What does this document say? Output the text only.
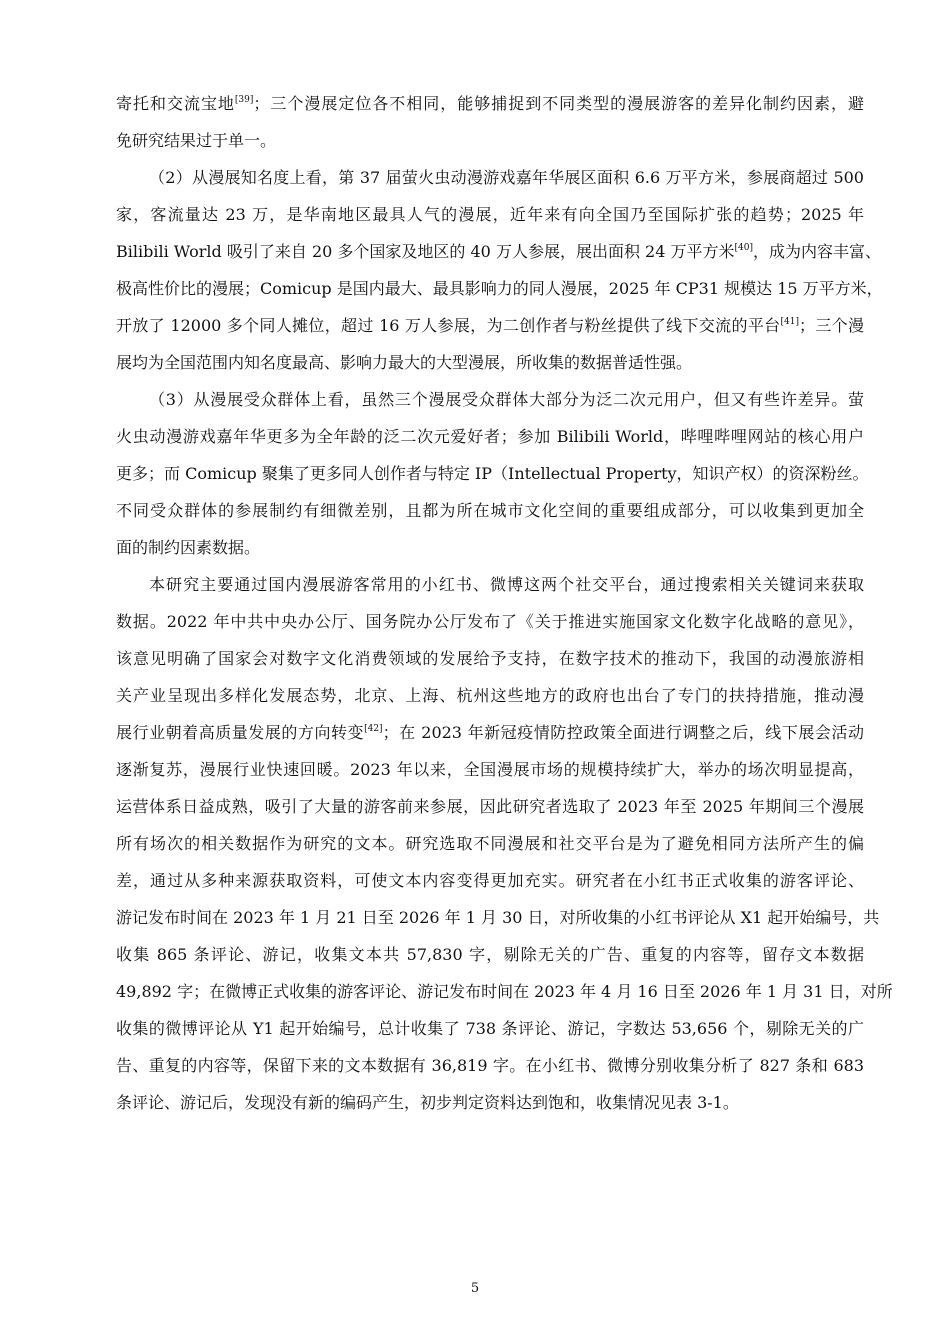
寄托和交流宝地[39]；三个漫展定位各不相同，能够捕捉到不同类型的漫展游客的差异化制约因素，避
免研究结果过于单一。
（2）从漫展知名度上看，第 37 届萤火虫动漫游戏嘉年华展区面积 6.6 万平方米，参展商超过 500
家，客流量达 23 万，是华南地区最具人气的漫展，近年来有向全国乃至国际扩张的趋势；2025 年
Bilibili World 吸引了来自 20 多个国家及地区的 40 万人参展，展出面积 24 万平方米[40]，成为内容丰富、
极高性价比的漫展；Comicup 是国内最大、最具影响力的同人漫展，2025 年 CP31 规模达 15 万平方米，
开放了 12000 多个同人摊位，超过 16 万人参展，为二创作者与粉丝提供了线下交流的平台[41]；三个漫
展均为全国范围内知名度最高、影响力最大的大型漫展，所收集的数据普适性强。
（3）从漫展受众群体上看，虽然三个漫展受众群体大部分为泛二次元用户，但又有些许差异。萤
火虫动漫游戏嘉年华更多为全年龄的泛二次元爱好者；参加 Bilibili World，哔哩哔哩网站的核心用户
更多；而 Comicup 聚集了更多同人创作者与特定 IP（Intellectual Property，知识产权）的资深粉丝。
不同受众群体的参展制约有细微差别，且都为所在城市文化空间的重要组成部分，可以收集到更加全
面的制约因素数据。
本研究主要通过国内漫展游客常用的小红书、微博这两个社交平台，通过搜索相关关键词来获取
数据。2022 年中共中央办公厅、国务院办公厅发布了《关于推进实施国家文化数字化战略的意见》，
该意见明确了国家会对数字文化消费领域的发展给予支持，在数字技术的推动下，我国的动漫旅游相
关产业呈现出多样化发展态势，北京、上海、杭州这些地方的政府也出台了专门的扶持措施，推动漫
展行业朝着高质量发展的方向转变[42]；在 2023 年新冠疫情防控政策全面进行调整之后，线下展会活动
逐渐复苏，漫展行业快速回暖。2023 年以来，全国漫展市场的规模持续扩大，举办的场次明显提高，
运营体系日益成熟，吸引了大量的游客前来参展，因此研究者选取了 2023 年至 2025 年期间三个漫展
所有场次的相关数据作为研究的文本。研究选取不同漫展和社交平台是为了避免相同方法所产生的偏
差，通过从多种来源获取资料，可使文本内容变得更加充实。研究者在小红书正式收集的游客评论、
游记发布时间在 2023 年 1 月 21 日至 2026 年 1 月 30 日，对所收集的小红书评论从 X1 起开始编号，共
收集 865 条评论、游记，收集文本共 57,830 字，剔除无关的广告、重复的内容等，留存文本数据
49,892 字；在微博正式收集的游客评论、游记发布时间在 2023 年 4 月 16 日至 2026 年 1 月 31 日，对所
收集的微博评论从 Y1 起开始编号，总计收集了 738 条评论、游记，字数达 53,656 个，剔除无关的广
告、重复的内容等，保留下来的文本数据有 36,819 字。在小红书、微博分别收集分析了 827 条和 683
条评论、游记后，发现没有新的编码产生，初步判定资料达到饱和，收集情况见表 3-1。
5
